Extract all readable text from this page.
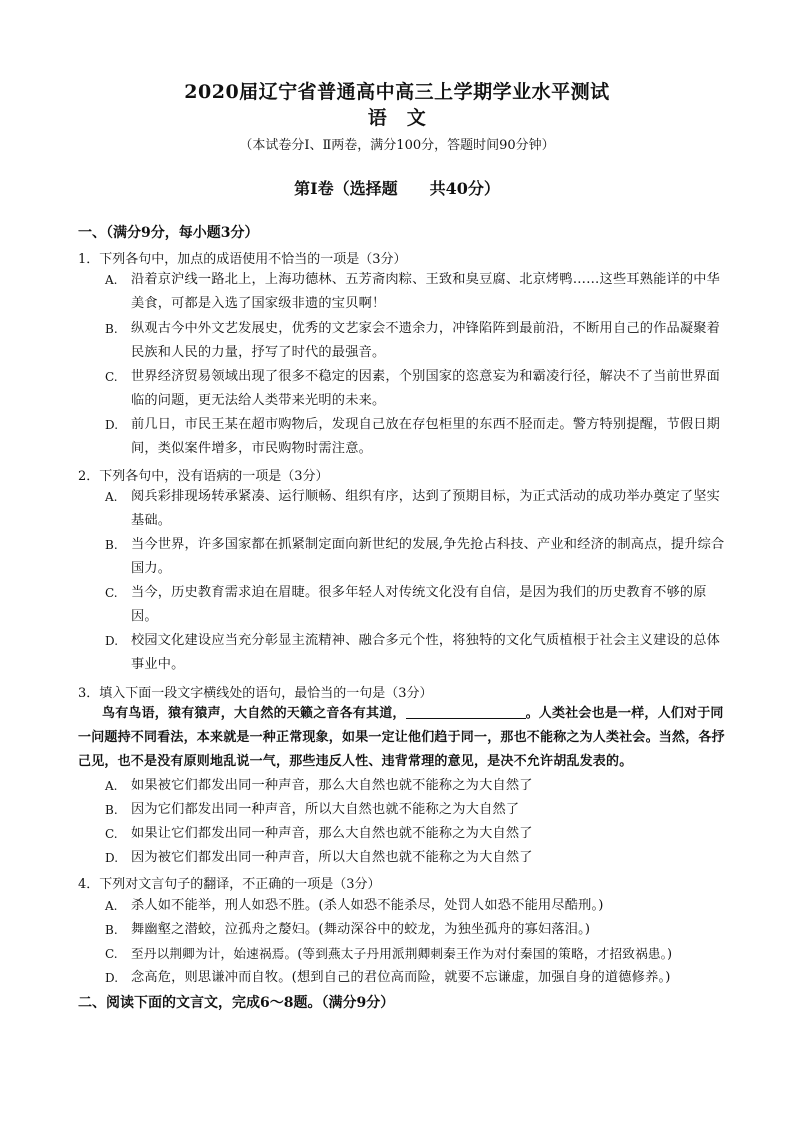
2020届辽宁省普通高中高三上学期学业水平测试
语　文
（本试卷分Ⅰ、Ⅱ两卷，满分100分，答题时间90分钟）
第Ⅰ卷（选择题　　共40分）
一、（满分9分，每小题3分）
1．下列各句中，加点的成语使用不恰当的一项是（3分）
A. 沿着京沪线一路北上，上海功德林、五芳斋肉粽、王致和臭豆腐、北京烤鸭……这些耳熟能详的中华美食，可都是入选了国家级非遗的宝贝啊！
B. 纵观古今中外文艺发展史，优秀的文艺家会不遗余力，冲锋陷阵到最前沿，不断用自己的作品凝聚着民族和人民的力量，抒写了时代的最强音。
C. 世界经济贸易领域出现了很多不稳定的因素，个别国家的恣意妄为和霸凌行径，解决不了当前世界面临的问题，更无法给人类带来光明的未来。
D. 前几日，市民王某在超市购物后，发现自己放在存包柜里的东西不胫而走。警方特别提醒，节假日期间，类似案件增多，市民购物时需注意。
2．下列各句中，没有语病的一项是（3分）
A. 阅兵彩排现场转承紧凑、运行顺畅、组织有序，达到了预期目标，为正式活动的成功举办奠定了坚实基础。
B. 当今世界，许多国家都在抓紧制定面向新世纪的发展,争先抢占科技、产业和经济的制高点，提升综合国力。
C. 当今，历史教育需求迫在眉睫。很多年轻人对传统文化没有自信，是因为我们的历史教育不够的原因。
D. 校园文化建设应当充分彰显主流精神、融合多元个性，将独特的文化气质植根于社会主义建设的总体事业中。
3．填入下面一段文字横线处的语句，最恰当的一句是（3分）
鸟有鸟语，猿有猿声，大自然的天籁之音各有其道，	。人类社会也是一样，人们对于同一问题持不同看法，本来就是一种正常现象，如果一定让他们趋于同一，那也不能称之为人类社会。当然，各抒己见，也不是没有原则地乱说一气，那些违反人性、违背常理的意见，是决不允许胡乱发表的。
A. 如果被它们都发出同一种声音，那么大自然也就不能称之为大自然了
B. 因为它们都发出同一种声音，所以大自然也就不能称之为大自然了
C. 如果让它们都发出同一种声音，那么大自然也就不能称之为大自然了
D. 因为被它们都发出同一种声音，所以大自然也就不能称之为大自然了
4．下列对文言句子的翻译，不正确的一项是（3分）
A. 杀人如不能举，刑人如恐不胜。(杀人如恐不能杀尽，处罚人如恐不能用尽酷刑。)
B. 舞幽壑之潜蛟，泣孤舟之嫠妇。(舞动深谷中的蛟龙，为独坐孤舟的寡妇落泪。)
C. 至丹以荆卿为计，始速祸焉。(等到燕太子丹用派荆卿刺秦王作为对付秦国的策略，才招致祸患。)
D. 念高危，则思谦冲而自牧。(想到自己的君位高而险，就要不忘谦虚，加强自身的道德修养。)
二、阅读下面的文言文，完成6～8题。（满分9分）
